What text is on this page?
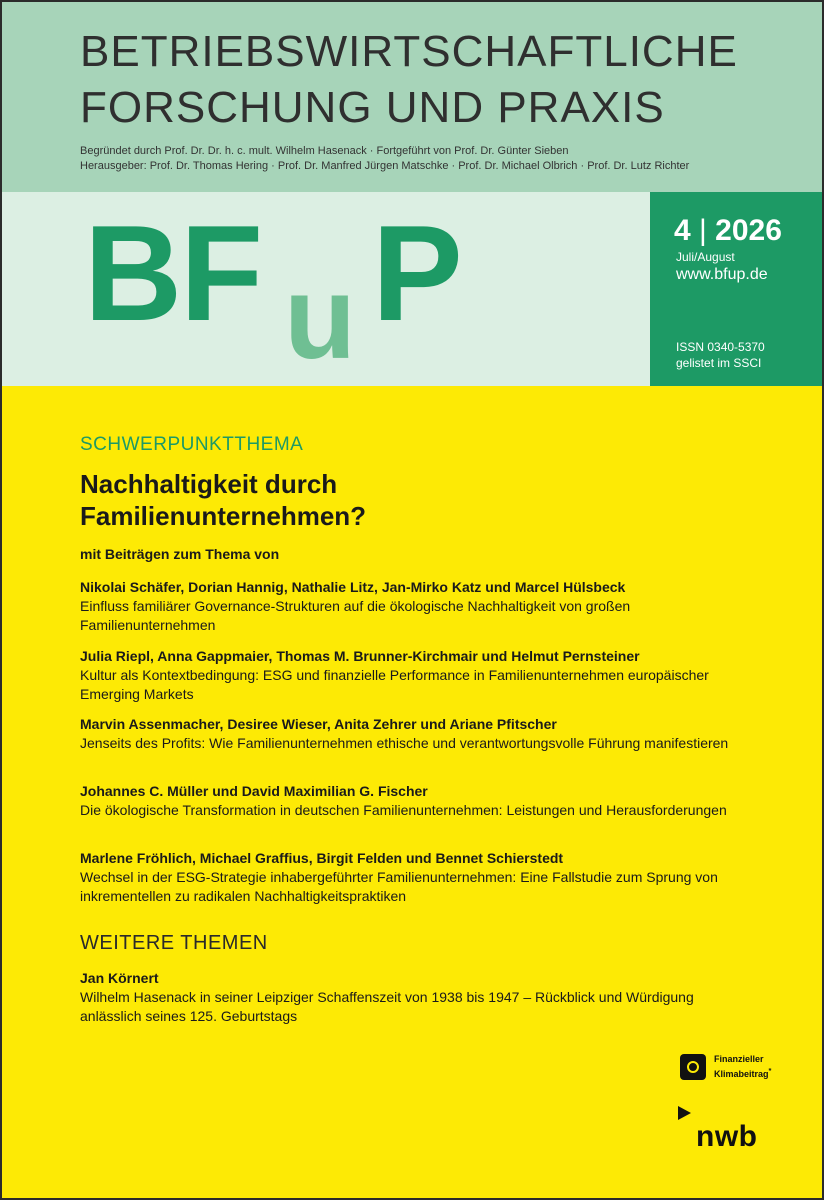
BETRIEBSWIRTSCHAFTLICHE
FORSCHUNG UND PRAXIS
Begründet durch Prof. Dr. Dr. h. c. mult. Wilhelm Hasenack · Fortgeführt von Prof. Dr. Günter Sieben
Herausgeber: Prof. Dr. Thomas Hering · Prof. Dr. Manfred Jürgen Matschke · Prof. Dr. Michael Olbrich · Prof. Dr. Lutz Richter
B
F u P	4 | 2026
Juli/August
www.bfup.de
ISSN 0340-5370
gelistet im SSCI
SCHWERPUNKTTHEMA
Nachhaltigkeit durch
Familienunternehmen?
mit Beiträgen zum Thema von
Nikolai Schäfer, Dorian Hannig, Nathalie Litz, Jan-Mirko Katz und Marcel Hülsbeck
Einfluss familiärer Governance-Strukturen auf die ökologische Nachhaltigkeit von großen Familienunternehmen
Julia Riepl, Anna Gappmaier, Thomas M. Brunner-Kirchmair und Helmut Pernsteiner
Kultur als Kontextbedingung: ESG und finanzielle Performance in Familienunternehmen europäischer Emerging Markets
Marvin Assenmacher, Desiree Wieser, Anita Zehrer und Ariane Pfitscher
Jenseits des Profits: Wie Familienunternehmen ethische und verantwortungsvolle Führung manifestieren
Johannes C. Müller und David Maximilian G. Fischer
Die ökologische Transformation in deutschen Familienunternehmen: Leistungen und Herausforderungen
Marlene Fröhlich, Michael Graffius, Birgit Felden und Bennet Schierstedt
Wechsel in der ESG-Strategie inhabergeführter Familienunternehmen: Eine Fallstudie zum Sprung von inkrementellen zu radikalen Nachhaltigkeitspraktiken
WEITERE THEMEN
Jan Körnert
Wilhelm Hasenack in seiner Leipziger Schaffenszeit von 1938 bis 1947 – Rückblick und Würdigung anlässlich seines 125. Geburtstags
Finanzieller
Klimabeitrag*
nwb
